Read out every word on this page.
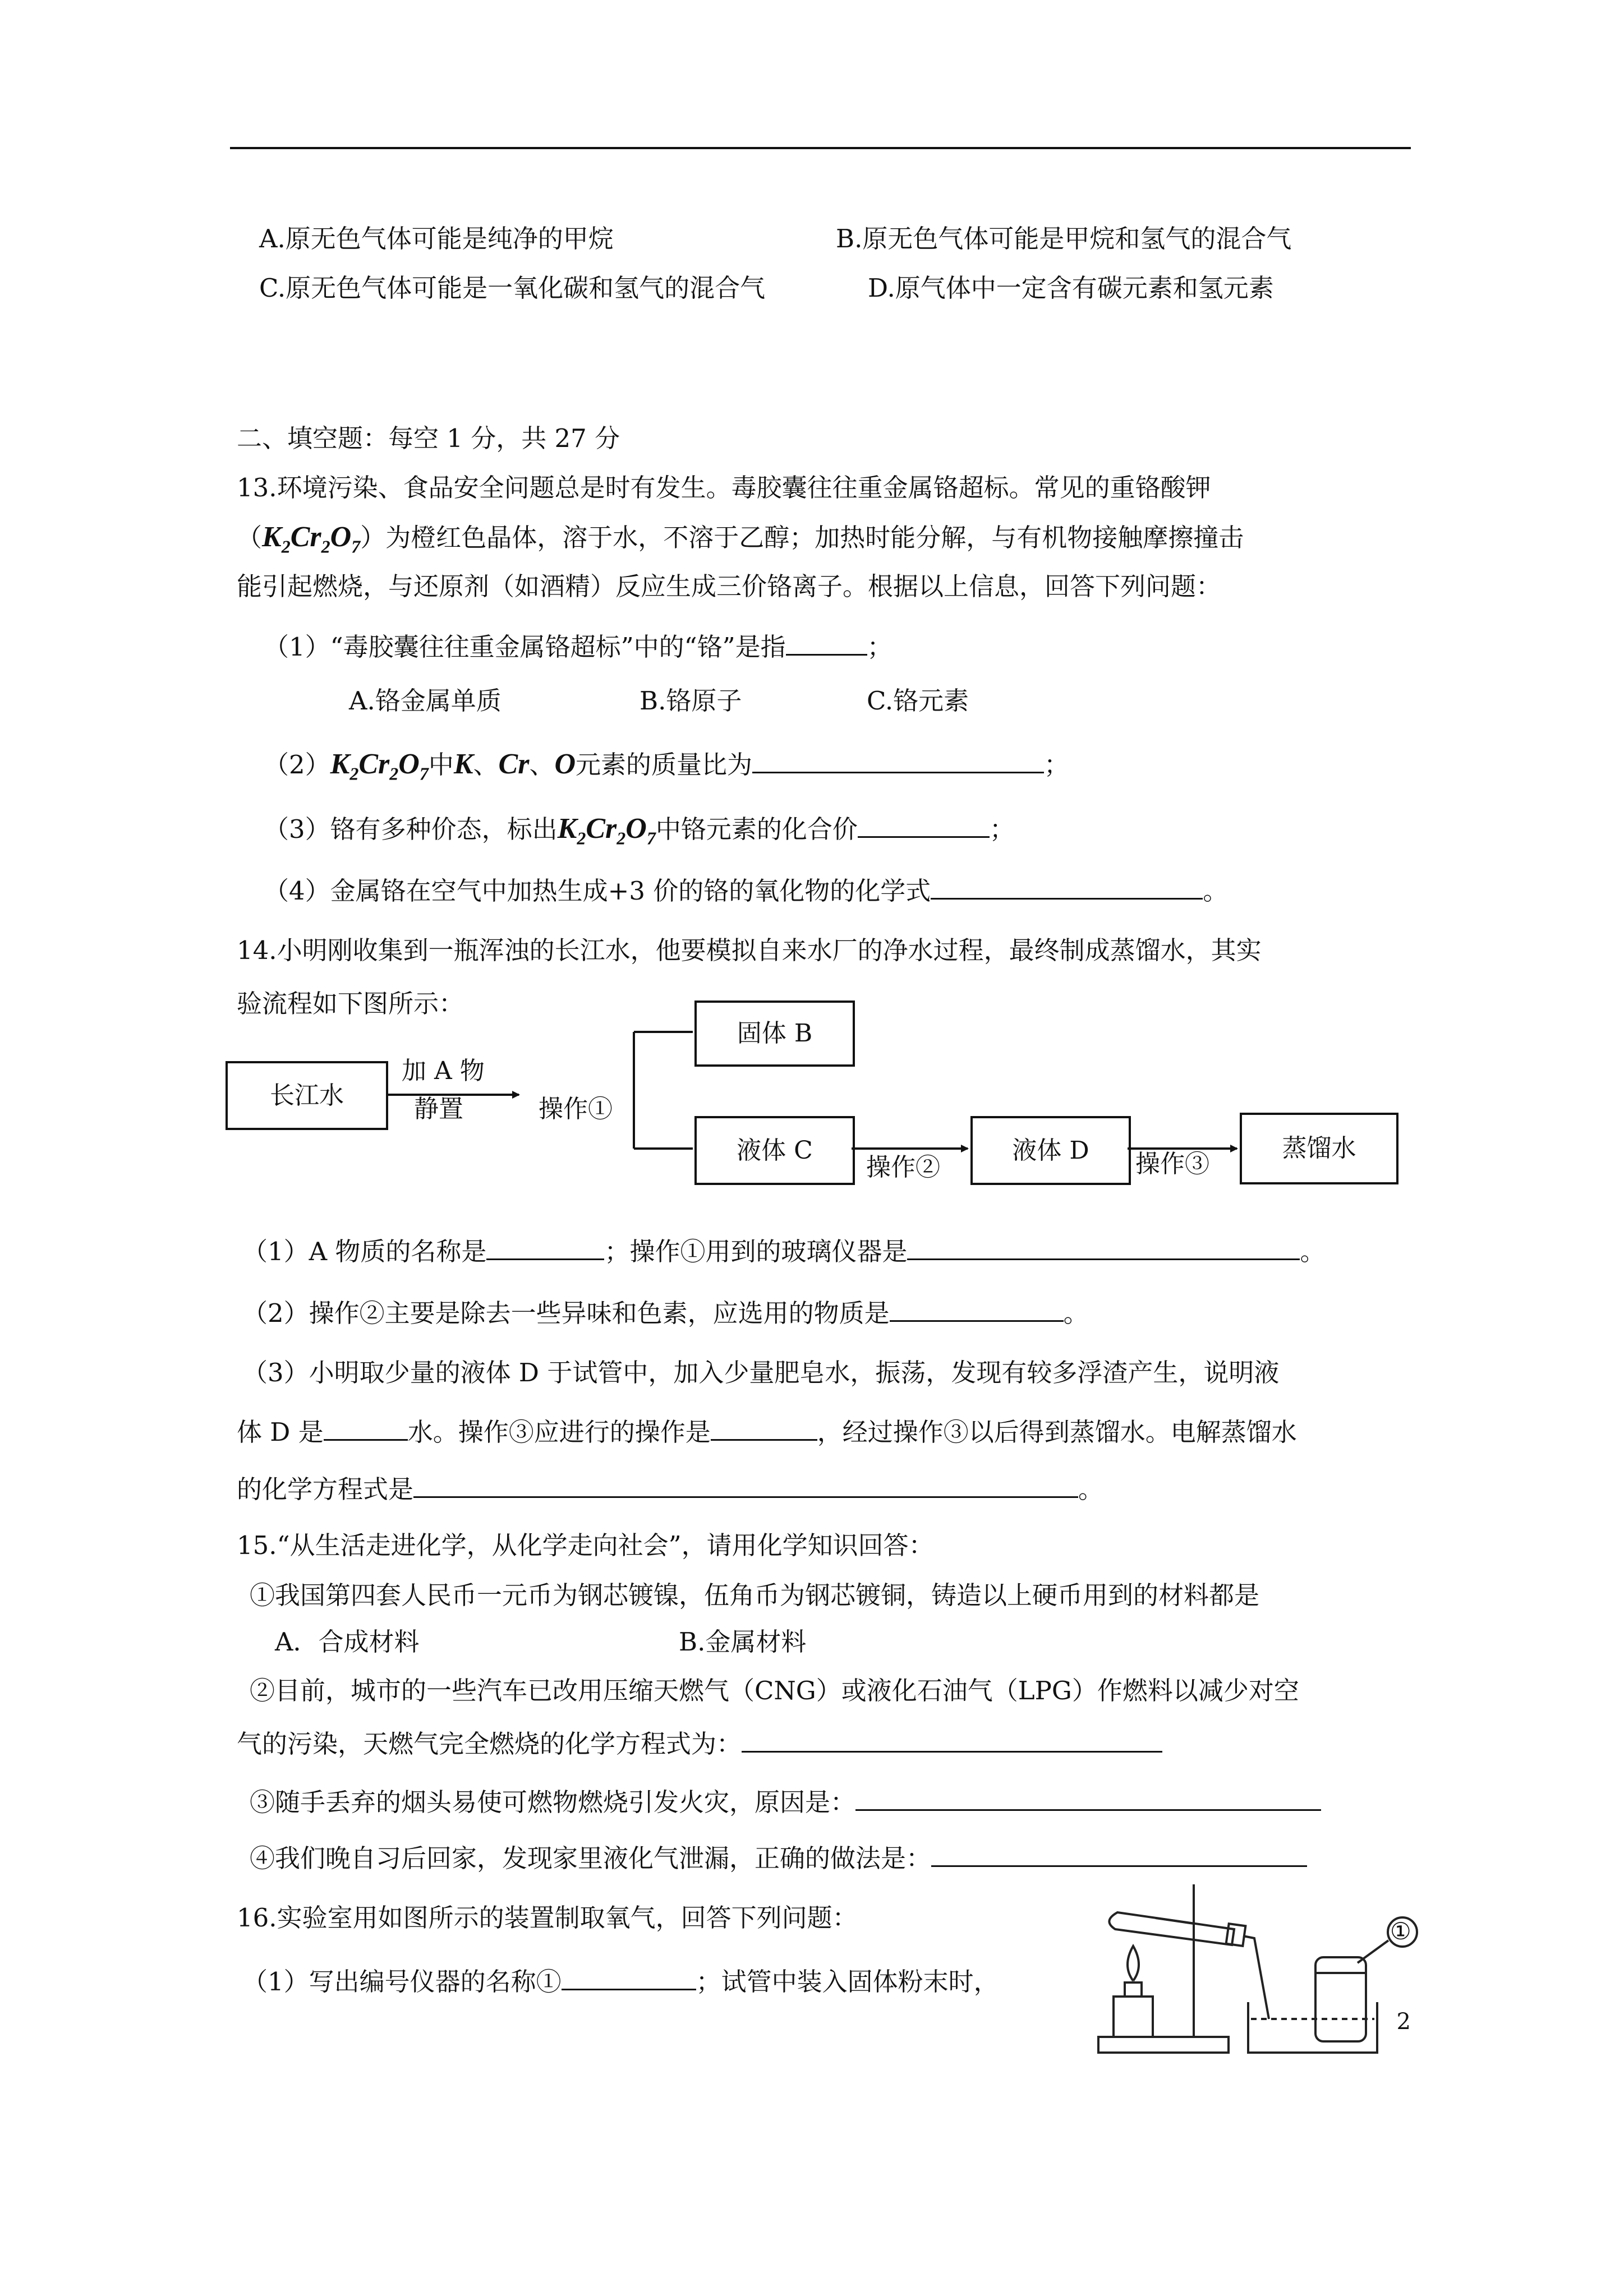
A.原无色气体可能是纯净的甲烷	B.原无色气体可能是甲烷和氢气的混合气
C.原无色气体可能是一氧化碳和氢气的混合气	D.原气体中一定含有碳元素和氢元素
二、填空题：每空 1 分，共 27 分
13.环境污染、食品安全问题总是时有发生。毒胶囊往往重金属铬超标。常见的重铬酸钾
$(K_2Cr_2O_7)$为橙红色晶体，溶于水，不溶于乙醇；加热时能分解，与有机物接触摩擦撞击
能引起燃烧，与还原剂（如酒精）反应生成三价铬离子。根据以上信息，回答下列问题：
（1）“毒胶囊往往重金属铬超标”中的“铬”是指	；
A.铬金属单质	B.铬原子	C.铬元素
$(2)K_2Cr_2O_7$中K、Cr、O元素的质量比为	；
（3）铬有多种价态，标出$K_2Cr_2O_7$中铬元素的化合价	；
（4）金属铬在空气中加热生成+3 价的铬的氧化物的化学式	。
14.小明刚收集到一瓶浑浊的长江水，他要模拟自来水厂的净水过程，最终制成蒸馏水，其实
验流程如下图所示：
长江水
加 A 物
静置	操作①
固体 B
液体 C
操作②
液体 D	操作③
蒸馏水
（1）A 物质的名称是	；操作①用到的玻璃仪器是	。
（2）操作②主要是除去一些异味和色素，应选用的物质是	。
（3）小明取少量的液体 D 于试管中，加入少量肥皂水，振荡，发现有较多浮渣产生，说明液
体 D 是	水。操作③应进行的操作是	，经过操作③以后得到蒸馏水。电解蒸馏水
的化学方程式是	。
15.“从生活走进化学，从化学走向社会”，请用化学知识回答：
①我国第四套人民币一元币为钢芯镀镍，伍角币为钢芯镀铜，铸造以上硬币用到的材料都是
A．合成材料	B.金属材料
②目前，城市的一些汽车已改用压缩天燃气（CNG）或液化石油气（LPG）作燃料以减少对空
气的污染，天燃气完全燃烧的化学方程式为：
③随手丢弃的烟头易使可燃物燃烧引发火灾，原因是：
④我们晚自习后回家，发现家里液化气泄漏，正确的做法是：
16.实验室用如图所示的装置制取氧气，回答下列问题：
（1）写出编号仪器的名称①	；试管中装入固体粉末时，
①
2
